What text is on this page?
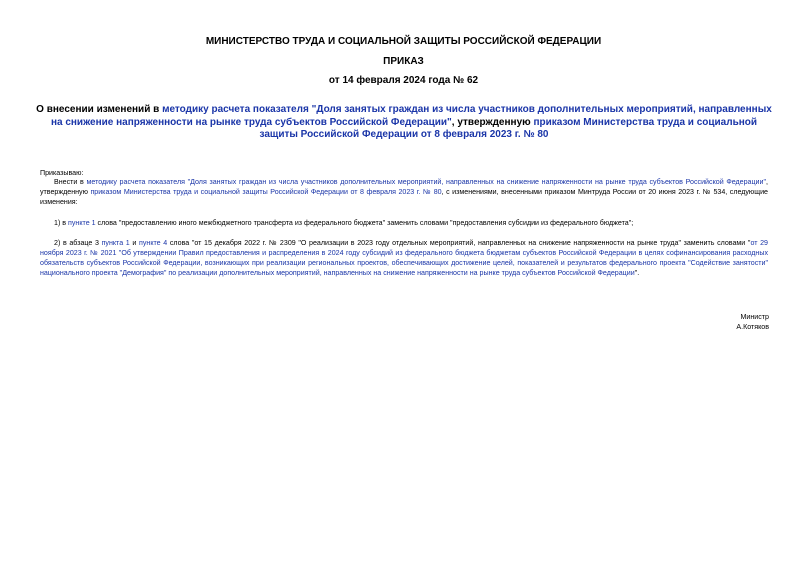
МИНИСТЕРСТВО ТРУДА И СОЦИАЛЬНОЙ ЗАЩИТЫ РОССИЙСКОЙ ФЕДЕРАЦИИ
ПРИКАЗ
от 14 февраля 2024 года № 62
О внесении изменений в методику расчета показателя "Доля занятых граждан из числа участников дополнительных мероприятий, направленных на снижение напряженности на рынке труда субъектов Российской Федерации", утвержденную приказом Министерства труда и социальной защиты Российской Федерации от 8 февраля 2023 г. № 80
Приказываю:
Внести в методику расчета показателя "Доля занятых граждан из числа участников дополнительных мероприятий, направленных на снижение напряженности на рынке труда субъектов Российской Федерации", утвержденную приказом Министерства труда и социальной защиты Российской Федерации от 8 февраля 2023 г. № 80, с изменениями, внесенными приказом Минтруда России от 20 июня 2023 г. № 534, следующие изменения:
1) в пункте 1 слова "предоставлению иного межбюджетного трансферта из федерального бюджета" заменить словами "предоставления субсидии из федерального бюджета";
2) в абзаце 3 пункта 1 и пункте 4 слова "от 15 декабря 2022 г. № 2309 "О реализации в 2023 году отдельных мероприятий, направленных на снижение напряженности на рынке труда" заменить словами "от 29 ноября 2023 г. № 2021 "Об утверждении Правил предоставления и распределения в 2024 году субсидий из федерального бюджета бюджетам субъектов Российской Федерации в целях софинансирования расходных обязательств субъектов Российской Федерации, возникающих при реализации региональных проектов, обеспечивающих достижение целей, показателей и результатов федерального проекта "Содействие занятости" национального проекта "Демография" по реализации дополнительных мероприятий, направленных на снижение напряженности на рынке труда субъектов Российской Федерации".
Министр
А.Котяков
